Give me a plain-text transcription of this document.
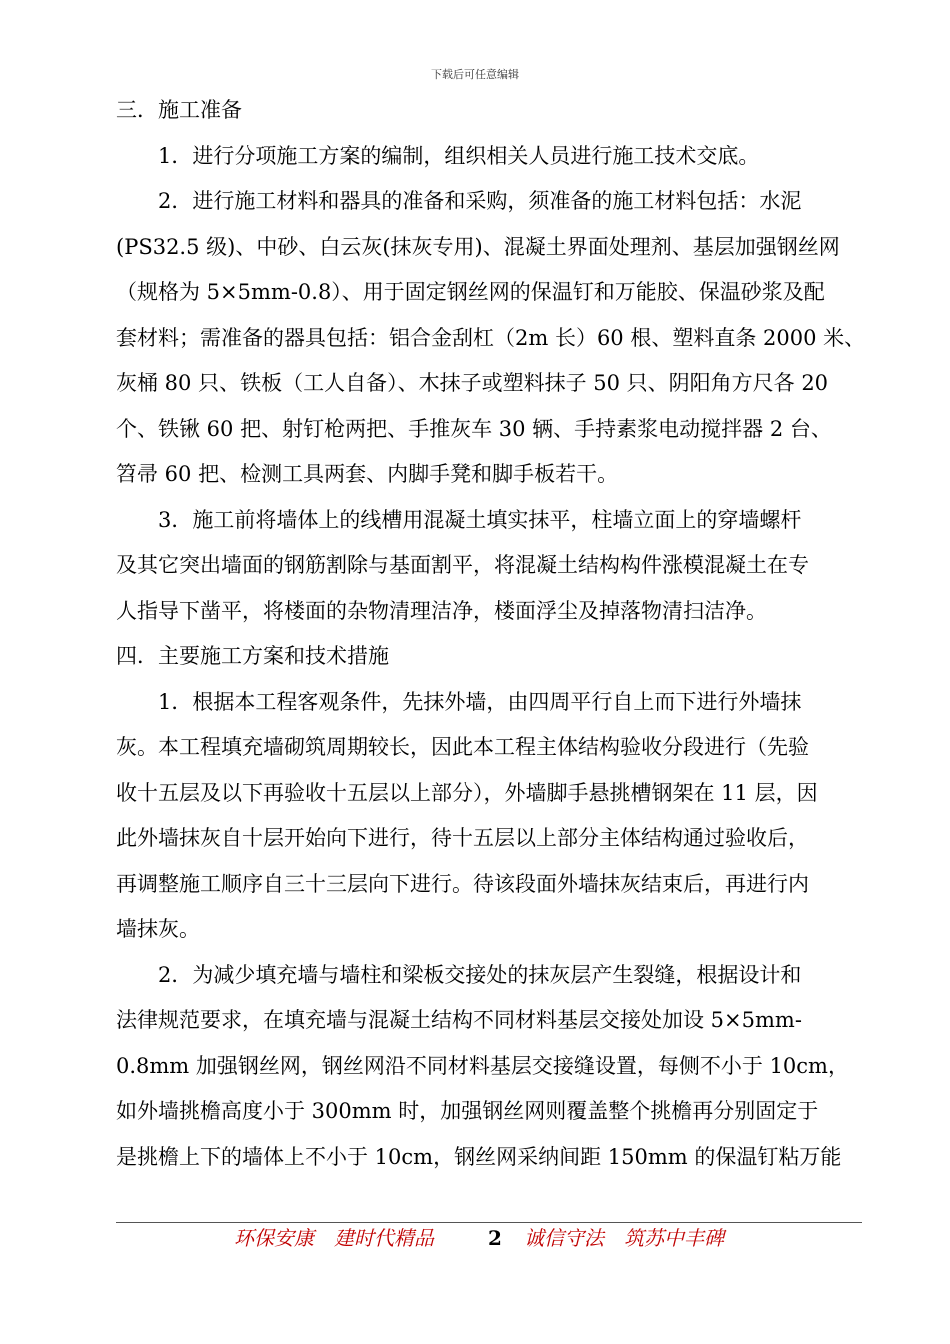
下载后可任意编辑
三．施工准备
1．进行分项施工方案的编制，组织相关人员进行施工技术交底。
2．进行施工材料和器具的准备和采购，须准备的施工材料包括：水泥
(PS32.5 级)、中砂、白云灰(抹灰专用)、混凝土界面处理剂、基层加强钢丝网
（规格为 5×5mm-0.8）、用于固定钢丝网的保温钉和万能胶、保温砂浆及配
套材料；需准备的器具包括：铝合金刮杠（2m 长）60 根、塑料直条 2000 米、
灰桶 80 只、铁板（工人自备）、木抹子或塑料抹子 50 只、阴阳角方尺各 20
个、铁锹 60 把、射钉枪两把、手推灰车 30 辆、手持素浆电动搅拌器 2 台、
笤帚 60 把、检测工具两套、内脚手凳和脚手板若干。
3．施工前将墙体上的线槽用混凝土填实抹平，柱墙立面上的穿墙螺杆
及其它突出墙面的钢筋割除与基面割平，将混凝土结构构件涨模混凝土在专
人指导下凿平，将楼面的杂物清理洁净，楼面浮尘及掉落物清扫洁净。
四．主要施工方案和技术措施
1．根据本工程客观条件，先抹外墙，由四周平行自上而下进行外墙抹
灰。本工程填充墙砌筑周期较长，因此本工程主体结构验收分段进行（先验
收十五层及以下再验收十五层以上部分），外墙脚手悬挑槽钢架在 11 层，因
此外墙抹灰自十层开始向下进行，待十五层以上部分主体结构通过验收后，
再调整施工顺序自三十三层向下进行。待该段面外墙抹灰结束后，再进行内
墙抹灰。
2．为减少填充墙与墙柱和梁板交接处的抹灰层产生裂缝，根据设计和
法律规范要求，在填充墙与混凝土结构不同材料基层交接处加设 5×5mm-
0.8mm 加强钢丝网，钢丝网沿不同材料基层交接缝设置，每侧不小于 10cm，
如外墙挑檐高度小于 300mm 时，加强钢丝网则覆盖整个挑檐再分别固定于
是挑檐上下的墙体上不小于 10cm，钢丝网采纳间距 150mm 的保温钉粘万能
环保安康　建时代精品	2 诚信守法　筑苏中丰碑
